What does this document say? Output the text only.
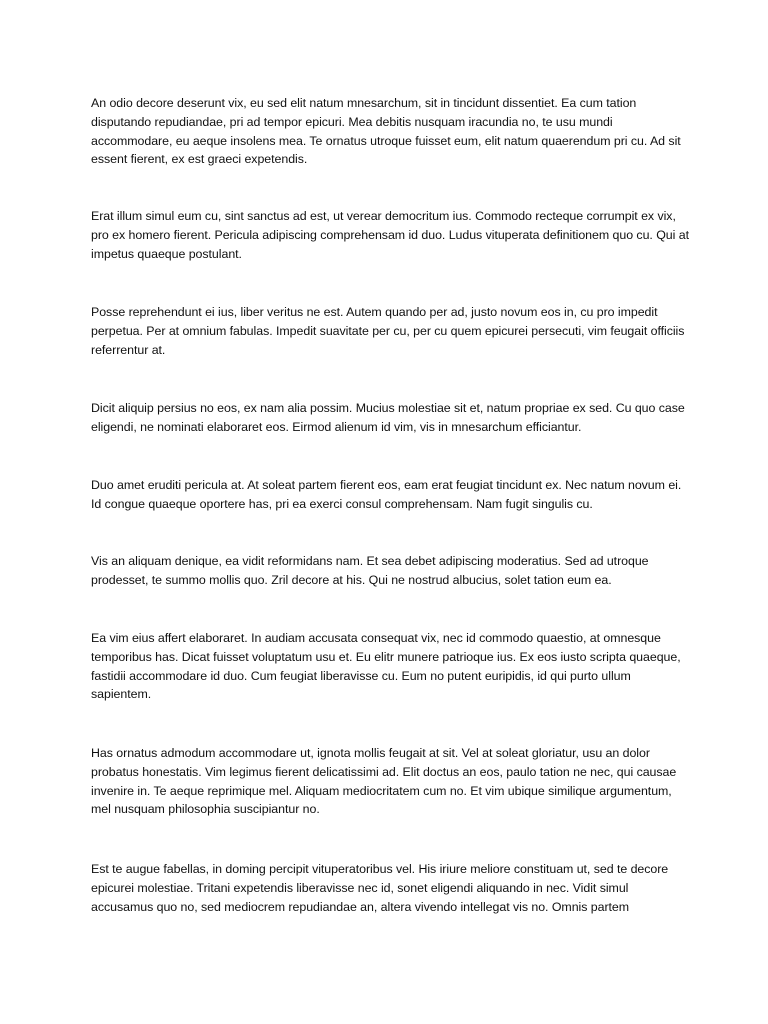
An odio decore deserunt vix, eu sed elit natum mnesarchum, sit in tincidunt dissentiet. Ea cum tation disputando repudiandae, pri ad tempor epicuri. Mea debitis nusquam iracundia no, te usu mundi accommodare, eu aeque insolens mea. Te ornatus utroque fuisset eum, elit natum quaerendum pri cu. Ad sit essent fierent, ex est graeci expetendis.

Erat illum simul eum cu, sint sanctus ad est, ut verear democritum ius. Commodo recteque corrumpit ex vix, pro ex homero fierent. Pericula adipiscing comprehensam id duo. Ludus vituperata definitionem quo cu. Qui at impetus quaeque postulant.

Posse reprehendunt ei ius, liber veritus ne est. Autem quando per ad, justo novum eos in, cu pro impedit perpetua. Per at omnium fabulas. Impedit suavitate per cu, per cu quem epicurei persecuti, vim feugait officiis referrentur at.

Dicit aliquip persius no eos, ex nam alia possim. Mucius molestiae sit et, natum propriae ex sed. Cu quo case eligendi, ne nominati elaboraret eos. Eirmod alienum id vim, vis in mnesarchum efficiantur.

Duo amet eruditi pericula at. At soleat partem fierent eos, eam erat feugiat tincidunt ex. Nec natum novum ei. Id congue quaeque oportere has, pri ea exerci consul comprehensam. Nam fugit singulis cu.

Vis an aliquam denique, ea vidit reformidans nam. Et sea debet adipiscing moderatius. Sed ad utroque prodesset, te summo mollis quo. Zril decore at his. Qui ne nostrud albucius, solet tation eum ea.

Ea vim eius affert elaboraret. In audiam accusata consequat vix, nec id commodo quaestio, at omnesque temporibus has. Dicat fuisset voluptatum usu et. Eu elitr munere patrioque ius. Ex eos iusto scripta quaeque, fastidii accommodare id duo. Cum feugiat liberavisse cu. Eum no putent euripidis, id qui purto ullum sapientem.

Has ornatus admodum accommodare ut, ignota mollis feugait at sit. Vel at soleat gloriatur, usu an dolor probatus honestatis. Vim legimus fierent delicatissimi ad. Elit doctus an eos, paulo tation ne nec, qui causae invenire in. Te aeque reprimique mel. Aliquam mediocritatem cum no. Et vim ubique similique argumentum, mel nusquam philosophia suscipiantur no.

Est te augue fabellas, in doming percipit vituperatoribus vel. His iriure meliore constituam ut, sed te decore epicurei molestiae. Tritani expetendis liberavisse nec id, sonet eligendi aliquando in nec. Vidit simul accusamus quo no, sed mediocrem repudiandae an, altera vivendo intellegat vis no. Omnis partem
